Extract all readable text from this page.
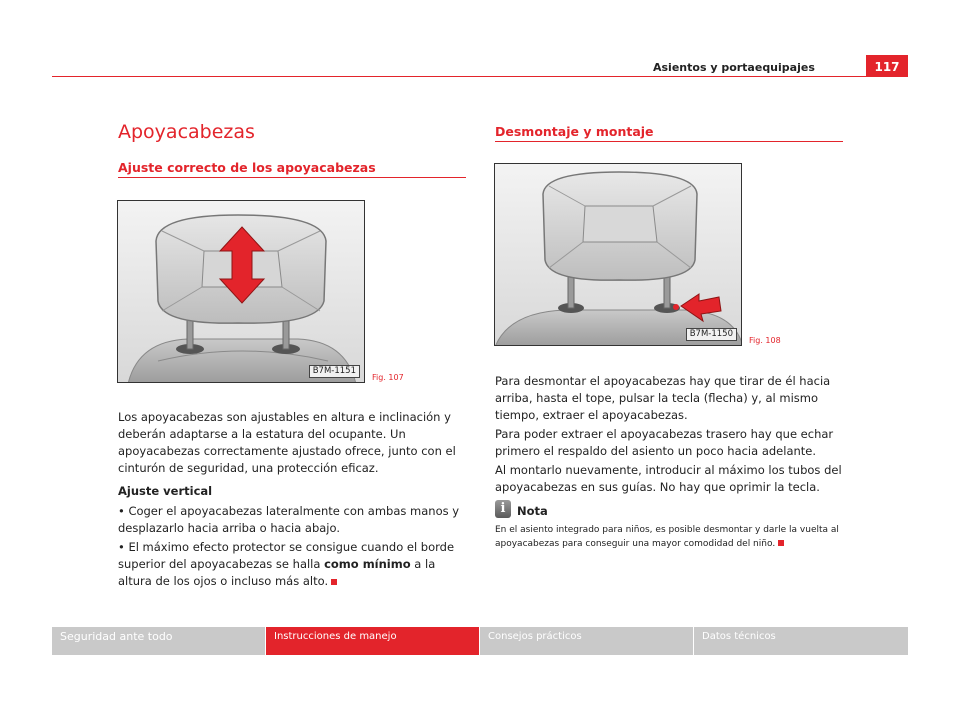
Asientos y portaequipajes	117
Apoyacabezas
Ajuste correcto de los apoyacabezas
Desmontaje y montaje
B7M-1151
Fig. 107
B7M-1150
Fig. 108

Los apoyacabezas son ajustables en altura e inclinación y deberán adaptarse a la estatura del ocupante. Un apoyacabezas correctamente ajustado ofrece, junto con el cinturón de seguridad, una protección eficaz.

Ajuste vertical

• Coger el apoyacabezas lateralmente con ambas manos y desplazarlo hacia arriba o hacia abajo.

• El máximo efecto protector se consigue cuando el borde superior del apoyacabezas se halla como mínimo a la altura de los ojos o incluso más alto.

Para desmontar el apoyacabezas hay que tirar de él hacia arriba, hasta el tope, pulsar la tecla (flecha) y, al mismo tiempo, extraer el apoyacabezas.

Para poder extraer el apoyacabezas trasero hay que echar primero el respaldo del asiento un poco hacia adelante.

Al montarlo nuevamente, introducir al máximo los tubos del apoyacabezas en sus guías. No hay que oprimir la tecla.

i	Nota
En el asiento integrado para niños, es posible desmontar y darle la vuelta al apoyacabezas para conseguir una mayor comodidad del niño.
Seguridad ante todo	Instrucciones de manejo	Consejos prácticos	Datos técnicos
